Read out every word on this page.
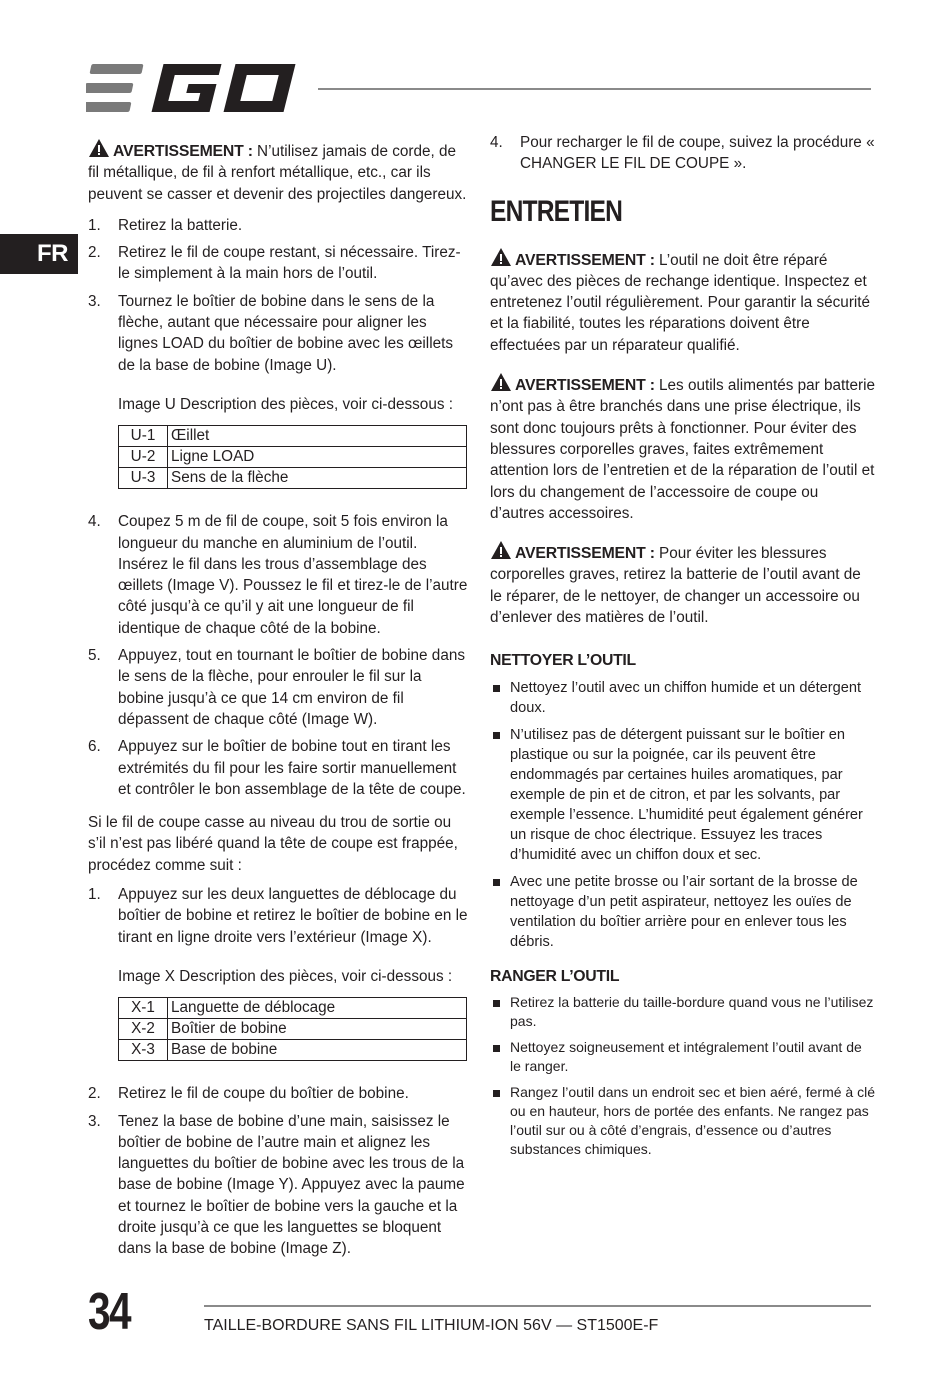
FR

AVERTISSEMENT : N’utilisez jamais de corde, de fil métallique, de fil à renfort métallique, etc., car ils peuvent se casser et devenir des projectiles dangereux.

1. Retirez la batterie.
2. Retirez le fil de coupe restant, si nécessaire. Tirez-le simplement à la main hors de l’outil.
3. Tournez le boîtier de bobine dans le sens de la flèche, autant que nécessaire pour aligner les lignes LOAD du boîtier de bobine avec les œillets de la base de bobine (Image U).
Image U Description des pièces, voir ci-dessous :
U-1	Œillet
U-2	Ligne LOAD
U-3	Sens de la flèche
4. Coupez 5 m de fil de coupe, soit 5 fois environ la longueur du manche en aluminium de l’outil. Insérez le fil dans les trous d’assemblage des œillets (Image V). Poussez le fil et tirez-le de l’autre côté jusqu’à ce qu’il y ait une longueur de fil identique de chaque côté de la bobine.
5. Appuyez, tout en tournant le boîtier de bobine dans le sens de la flèche, pour enrouler le fil sur la bobine jusqu’à ce que 14 cm environ de fil dépassent de chaque côté (Image W).
6. Appuyez sur le boîtier de bobine tout en tirant les extrémités du fil pour les faire sortir manuellement et contrôler le bon assemblage de la tête de coupe.

Si le fil de coupe casse au niveau du trou de sortie ou s’il n’est pas libéré quand la tête de coupe est frappée, procédez comme suit :

1. Appuyez sur les deux languettes de déblocage du boîtier de bobine et retirez le boîtier de bobine en le tirant en ligne droite vers l’extérieur (Image X).
Image X Description des pièces, voir ci-dessous :
X-1	Languette de déblocage
X-2	Boîtier de bobine
X-3	Base de bobine
2. Retirez le fil de coupe du boîtier de bobine.
3. Tenez la base de bobine d’une main, saisissez le boîtier de bobine de l’autre main et alignez les languettes du boîtier de bobine avec les trous de la base de bobine (Image Y). Appuyez avec la paume et tournez le boîtier de bobine vers la gauche et la droite jusqu’à ce que les languettes se bloquent dans la base de bobine (Image Z).
4. Pour recharger le fil de coupe, suivez la procédure « CHANGER LE FIL DE COUPE ».
ENTRETIEN

AVERTISSEMENT : L’outil ne doit être réparé qu’avec des pièces de rechange identique. Inspectez et entretenez l’outil régulièrement. Pour garantir la sécurité et la fiabilité, toutes les réparations doivent être effectuées par un réparateur qualifié.

AVERTISSEMENT : Les outils alimentés par batterie n’ont pas à être branchés dans une prise électrique, ils sont donc toujours prêts à fonctionner. Pour éviter des blessures corporelles graves, faites extrêmement attention lors de l’entretien et de la réparation de l’outil et lors du changement de l’accessoire de coupe ou d’autres accessoires.

AVERTISSEMENT : Pour éviter les blessures corporelles graves, retirez la batterie de l’outil avant de le réparer, de le nettoyer, de changer un accessoire ou d’enlever des matières de l’outil.

NETTOYER L’OUTIL
Nettoyez l’outil avec un chiffon humide et un détergent doux.
N’utilisez pas de détergent puissant sur le boîtier en plastique ou sur la poignée, car ils peuvent être endommagés par certaines huiles aromatiques, par exemple de pin et de citron, et par les solvants, par exemple l’essence. L’humidité peut également générer un risque de choc électrique. Essuyez les traces d’humidité avec un chiffon doux et sec.
Avec une petite brosse ou l’air sortant de la brosse de nettoyage d’un petit aspirateur, nettoyez les ouïes de ventilation du boîtier arrière pour en enlever tous les débris.
RANGER L’OUTIL
Retirez la batterie du taille-bordure quand vous ne l’utilisez pas.
Nettoyez soigneusement et intégralement l’outil avant de le ranger.
Rangez l’outil dans un endroit sec et bien aéré, fermé à clé ou en hauteur, hors de portée des enfants. Ne rangez pas l’outil sur ou à côté d’engrais, d’essence ou d’autres substances chimiques.
34	TAILLE-BORDURE SANS FIL LITHIUM-ION 56V — ST1500E-F
